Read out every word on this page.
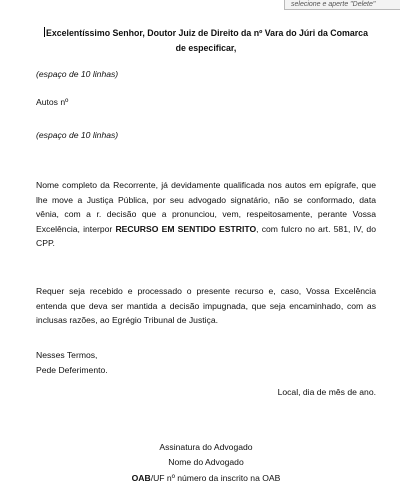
selecione e aperte "Delete"
Excelentíssimo Senhor, Doutor Juiz de Direito da nº Vara do Júri da Comarca
de especificar,
(espaço de 10 linhas)
Autos nº
(espaço de 10 linhas)
Nome completo da Recorrente, já devidamente qualificada nos autos em epígrafe, que lhe move a Justiça Pública, por seu advogado signatário, não se conformado, data vênia, com a r. decisão que a pronunciou, vem, respeitosamente, perante Vossa Excelência, interpor RECURSO EM SENTIDO ESTRITO, com fulcro no art. 581, IV, do CPP.
Requer seja recebido e processado o presente recurso e, caso, Vossa Excelência entenda que deva ser mantida a decisão impugnada, que seja encaminhado, com as inclusas razões, ao Egrégio Tribunal de Justiça.
Nesses Termos,
Pede Deferimento.
Local, dia de mês de ano.
Assinatura do Advogado
Nome do Advogado
OAB/UF nº número da inscrito na OAB
